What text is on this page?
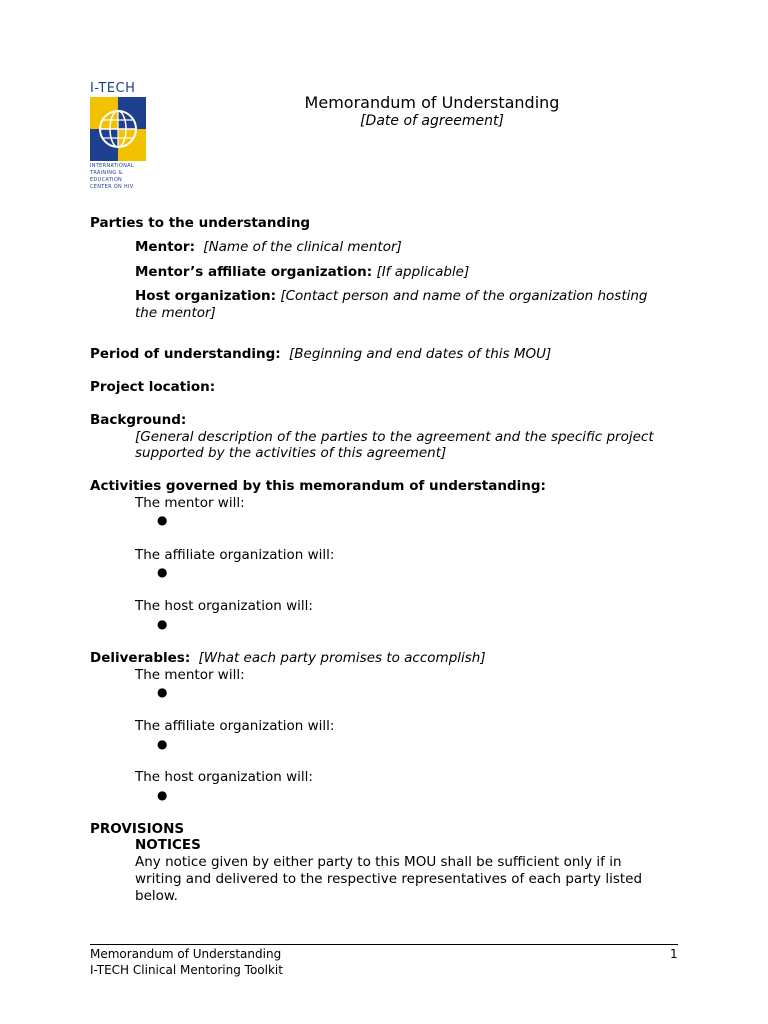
I-TECH
INTERNATIONAL
TRAINING &
EDUCATION
CENTER ON HIV
Memorandum of Understanding
[Date of agreement]
Parties to the understanding
Mentor: [Name of the clinical mentor]
Mentor’s affiliate organization: [If applicable]
Host organization: [Contact person and name of the organization hosting
the mentor]
Period of understanding: [Beginning and end dates of this MOU]
Project location:
Background:
[General description of the parties to the agreement and the specific project
supported by the activities of this agreement]
Activities governed by this memorandum of understanding:
The mentor will:
●
The affiliate organization will:
●
The host organization will:
●
Deliverables: [What each party promises to accomplish]
The mentor will:
●
The affiliate organization will:
●
The host organization will:
●
PROVISIONS
NOTICES
Any notice given by either party to this MOU shall be sufficient only if in
writing and delivered to the respective representatives of each party listed
below.
Memorandum of Understanding
I-TECH Clinical Mentoring Toolkit
1
